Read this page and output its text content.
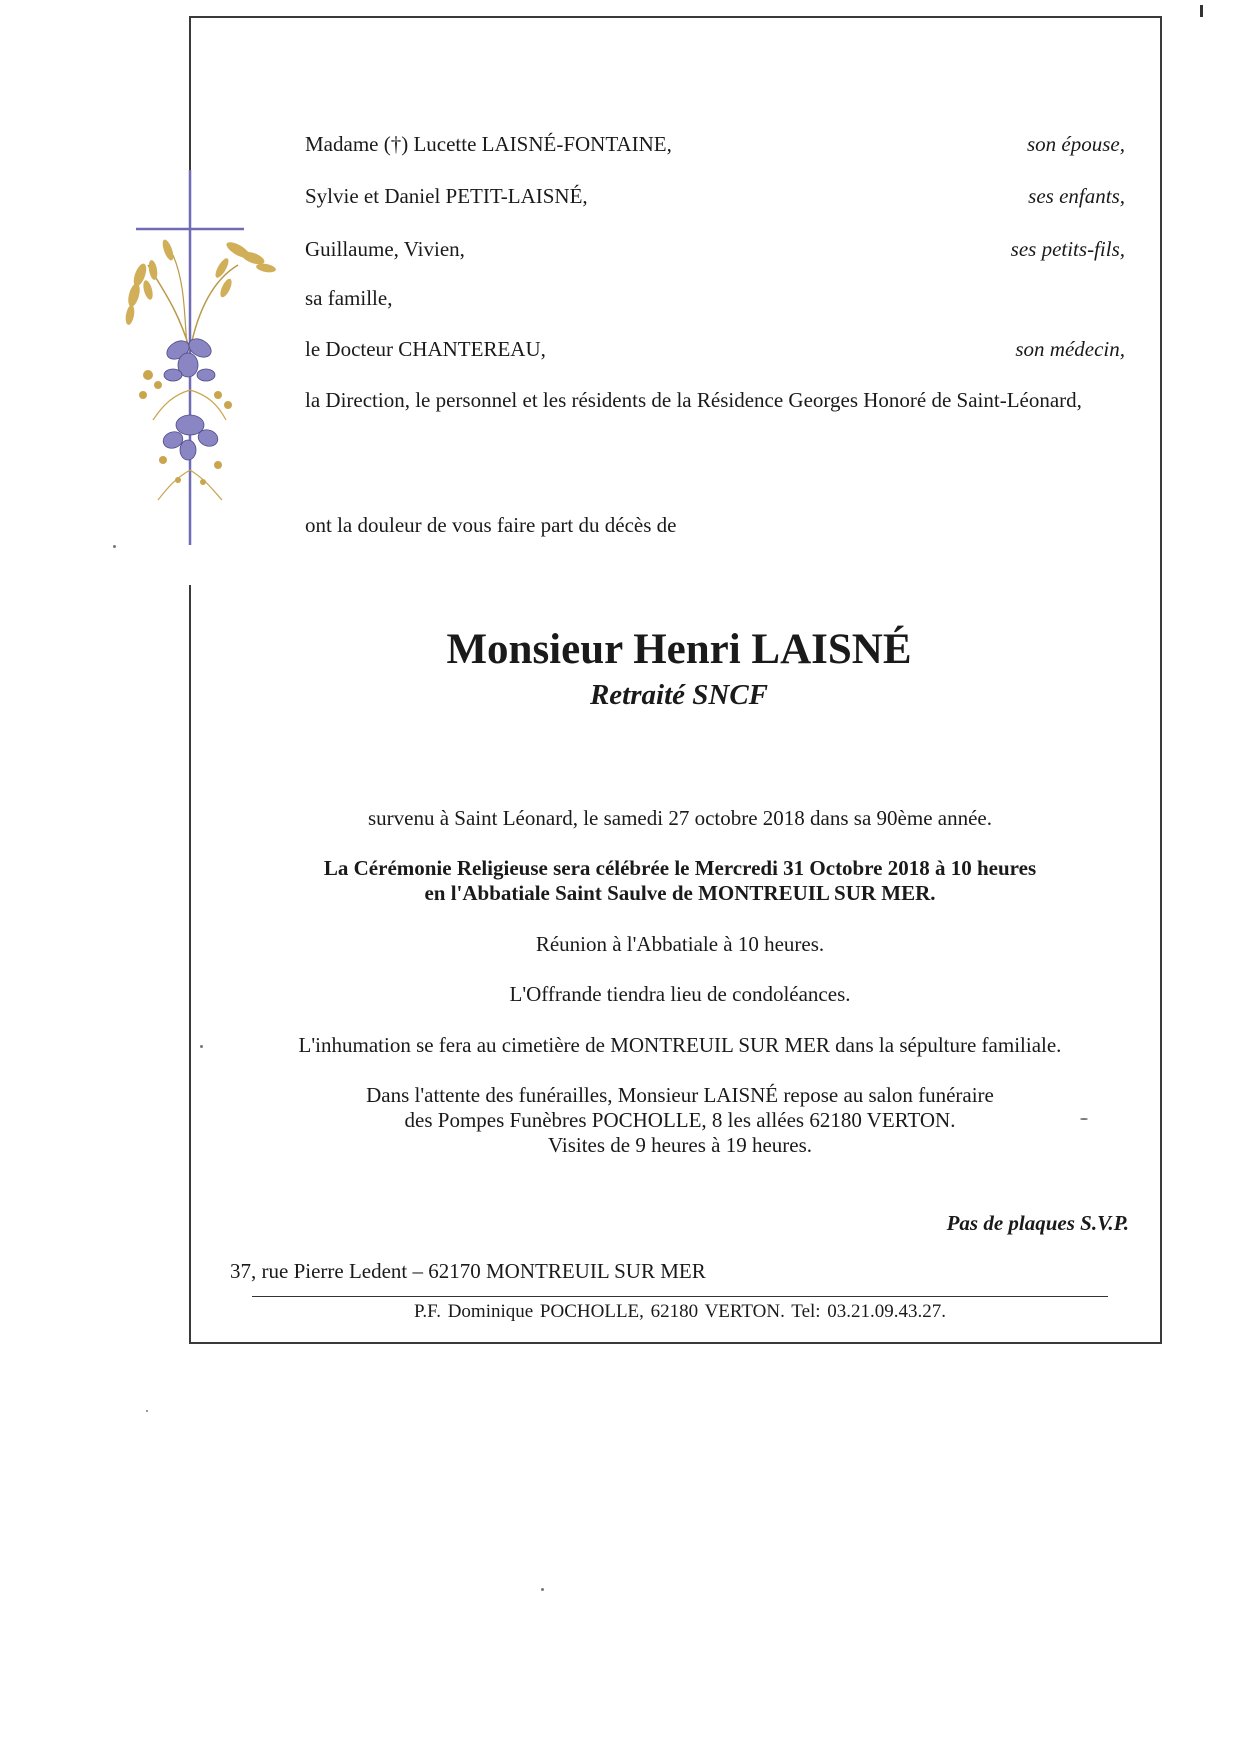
Madame (†) Lucette LAISNÉ-FONTAINE,	son épouse,
Sylvie et Daniel PETIT-LAISNÉ,	ses enfants,
Guillaume, Vivien,	ses petits-fils,
sa famille,
le Docteur CHANTEREAU,	son médecin,
la Direction, le personnel et les résidents de la Résidence Georges Honoré de Saint-Léonard,
ont la douleur de vous faire part du décès de
Monsieur Henri LAISNÉ
Retraité SNCF
survenu à Saint Léonard, le samedi 27 octobre 2018 dans sa 90ème année.
La Cérémonie Religieuse sera célébrée le Mercredi 31 Octobre 2018 à 10 heures
en l'Abbatiale Saint Saulve de MONTREUIL SUR MER.
Réunion à l'Abbatiale à 10 heures.
L'Offrande tiendra lieu de condoléances.
L'inhumation se fera au cimetière de MONTREUIL SUR MER dans la sépulture familiale.
Dans l'attente des funérailles, Monsieur LAISNÉ repose au salon funéraire
des Pompes Funèbres POCHOLLE, 8 les allées 62180 VERTON.
Visites de 9 heures à 19 heures.
Pas de plaques S.V.P.
37, rue Pierre Ledent – 62170 MONTREUIL SUR MER
P.F. Dominique POCHOLLE, 62180 VERTON. Tel: 03.21.09.43.27.
